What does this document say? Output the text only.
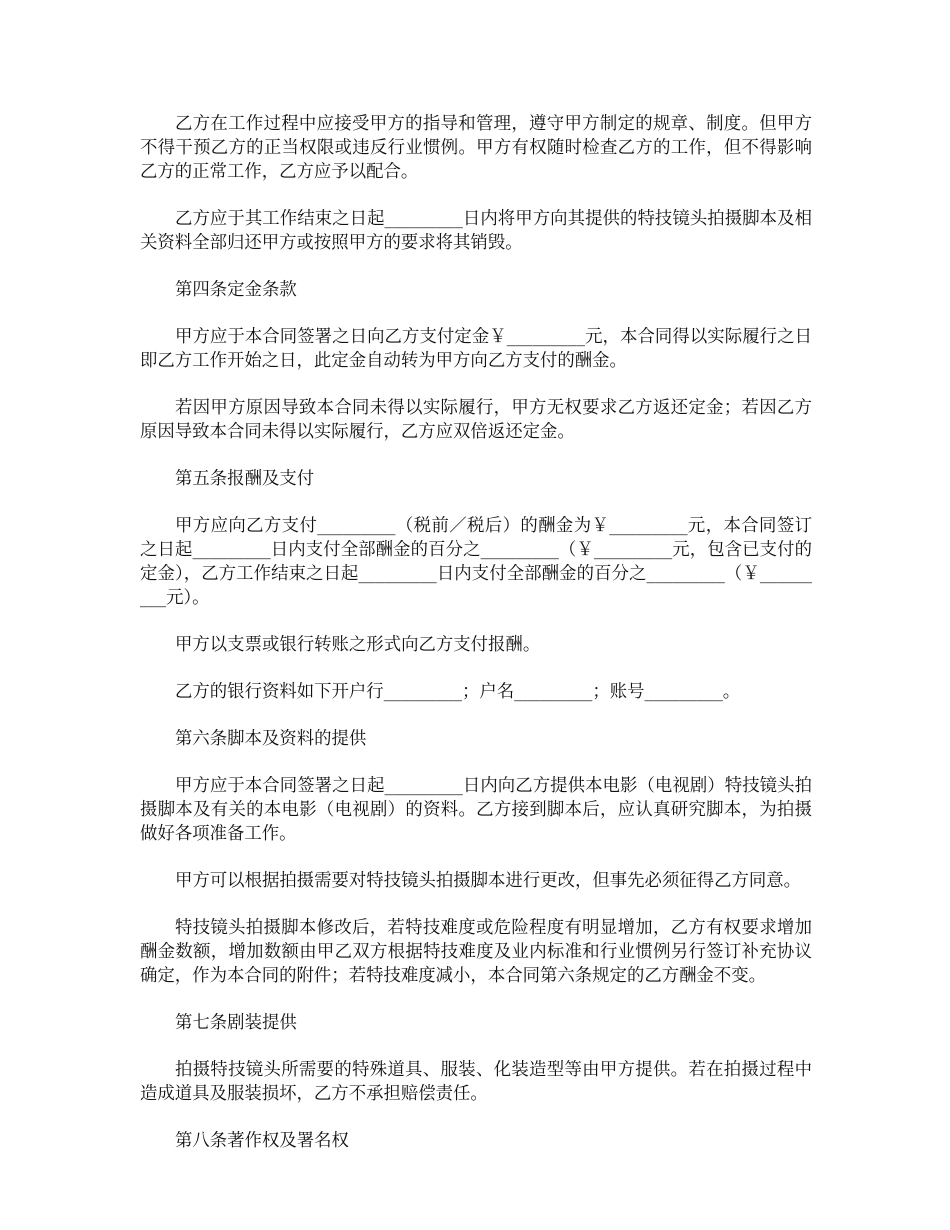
乙方在工作过程中应接受甲方的指导和管理，遵守甲方制定的规章、制度。但甲方不得干预乙方的正当权限或违反行业惯例。甲方有权随时检查乙方的工作，但不得影响乙方的正常工作，乙方应予以配合。

乙方应于其工作结束之日起_________日内将甲方向其提供的特技镜头拍摄脚本及相关资料全部归还甲方或按照甲方的要求将其销毁。

第四条定金条款

甲方应于本合同签署之日向乙方支付定金￥_________元，本合同得以实际履行之日即乙方工作开始之日，此定金自动转为甲方向乙方支付的酬金。

若因甲方原因导致本合同未得以实际履行，甲方无权要求乙方返还定金；若因乙方原因导致本合同未得以实际履行，乙方应双倍返还定金。

第五条报酬及支付

甲方应向乙方支付_________（税前／税后）的酬金为￥_________元，本合同签订之日起_________日内支付全部酬金的百分之_________（￥_________元，包含已支付的定金），乙方工作结束之日起_________日内支付全部酬金的百分之_________（￥_________元）。

甲方以支票或银行转账之形式向乙方支付报酬。

乙方的银行资料如下开户行_________；户名_________；账号_________。

第六条脚本及资料的提供

甲方应于本合同签署之日起_________日内向乙方提供本电影（电视剧）特技镜头拍摄脚本及有关的本电影（电视剧）的资料。乙方接到脚本后，应认真研究脚本，为拍摄做好各项准备工作。

甲方可以根据拍摄需要对特技镜头拍摄脚本进行更改，但事先必须征得乙方同意。

特技镜头拍摄脚本修改后，若特技难度或危险程度有明显增加，乙方有权要求增加酬金数额，增加数额由甲乙双方根据特技难度及业内标准和行业惯例另行签订补充协议确定，作为本合同的附件；若特技难度减小，本合同第六条规定的乙方酬金不变。

第七条剧装提供

拍摄特技镜头所需要的特殊道具、服装、化装造型等由甲方提供。若在拍摄过程中造成道具及服装损坏，乙方不承担赔偿责任。

第八条著作权及署名权
